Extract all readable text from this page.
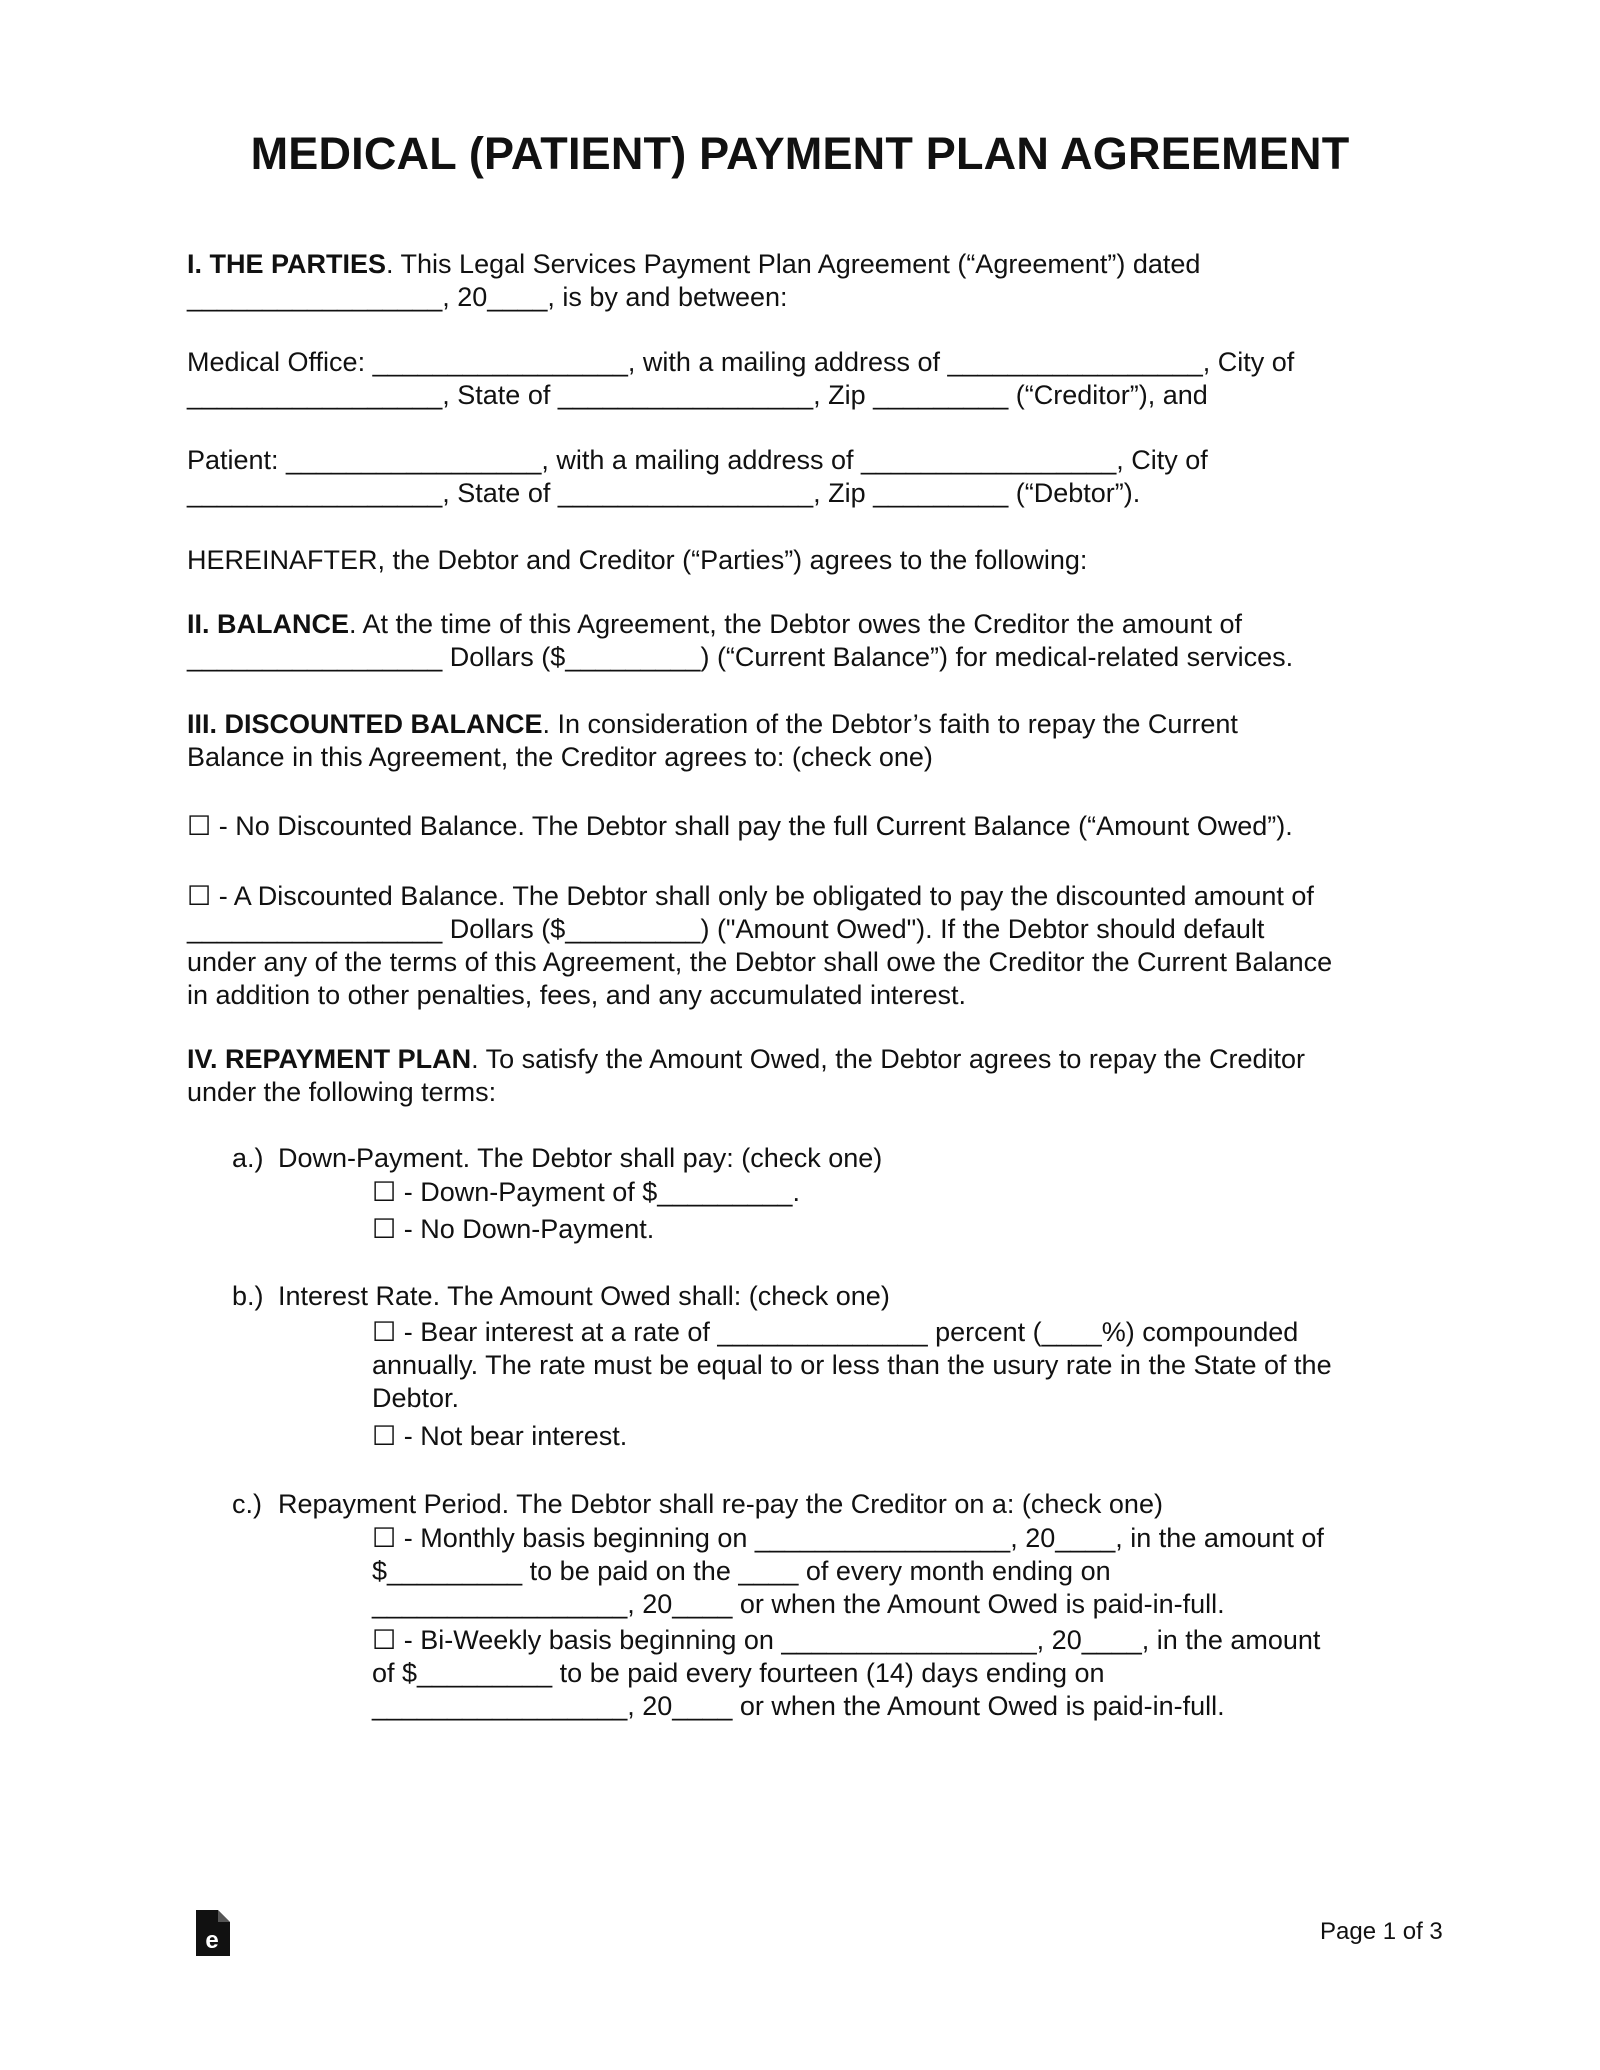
MEDICAL (PATIENT) PAYMENT PLAN AGREEMENT
I. THE PARTIES. This Legal Services Payment Plan Agreement (“Agreement”) dated
_________________, 20____, is by and between:
Medical Office: _________________, with a mailing address of _________________, City of
_________________, State of _________________, Zip _________ (“Creditor”), and
Patient: _________________, with a mailing address of _________________, City of
_________________, State of _________________, Zip _________ (“Debtor”).
HEREINAFTER, the Debtor and Creditor (“Parties”) agrees to the following:
II. BALANCE. At the time of this Agreement, the Debtor owes the Creditor the amount of
_________________ Dollars ($_________) (“Current Balance”) for medical-related services.
III. DISCOUNTED BALANCE. In consideration of the Debtor’s faith to repay the Current
Balance in this Agreement, the Creditor agrees to: (check one)
☐ - No Discounted Balance. The Debtor shall pay the full Current Balance (“Amount Owed”).
☐ - A Discounted Balance. The Debtor shall only be obligated to pay the discounted amount of
_________________ Dollars ($_________) ("Amount Owed"). If the Debtor should default
under any of the terms of this Agreement, the Debtor shall owe the Creditor the Current Balance
in addition to other penalties, fees, and any accumulated interest.
IV. REPAYMENT PLAN. To satisfy the Amount Owed, the Debtor agrees to repay the Creditor
under the following terms:
a.) Down-Payment. The Debtor shall pay: (check one)
☐ - Down-Payment of $_________.
☐ - No Down-Payment.
b.) Interest Rate. The Amount Owed shall: (check one)
☐ - Bear interest at a rate of ______________ percent (____%) compounded
annually. The rate must be equal to or less than the usury rate in the State of the
Debtor.
☐ - Not bear interest.
c.) Repayment Period. The Debtor shall re-pay the Creditor on a: (check one)
☐ - Monthly basis beginning on _________________, 20____, in the amount of
$_________ to be paid on the ____ of every month ending on
_________________, 20____ or when the Amount Owed is paid-in-full.
☐ - Bi-Weekly basis beginning on _________________, 20____, in the amount
of $_________ to be paid every fourteen (14) days ending on
_________________, 20____ or when the Amount Owed is paid-in-full.
e	Page 1 of 3
